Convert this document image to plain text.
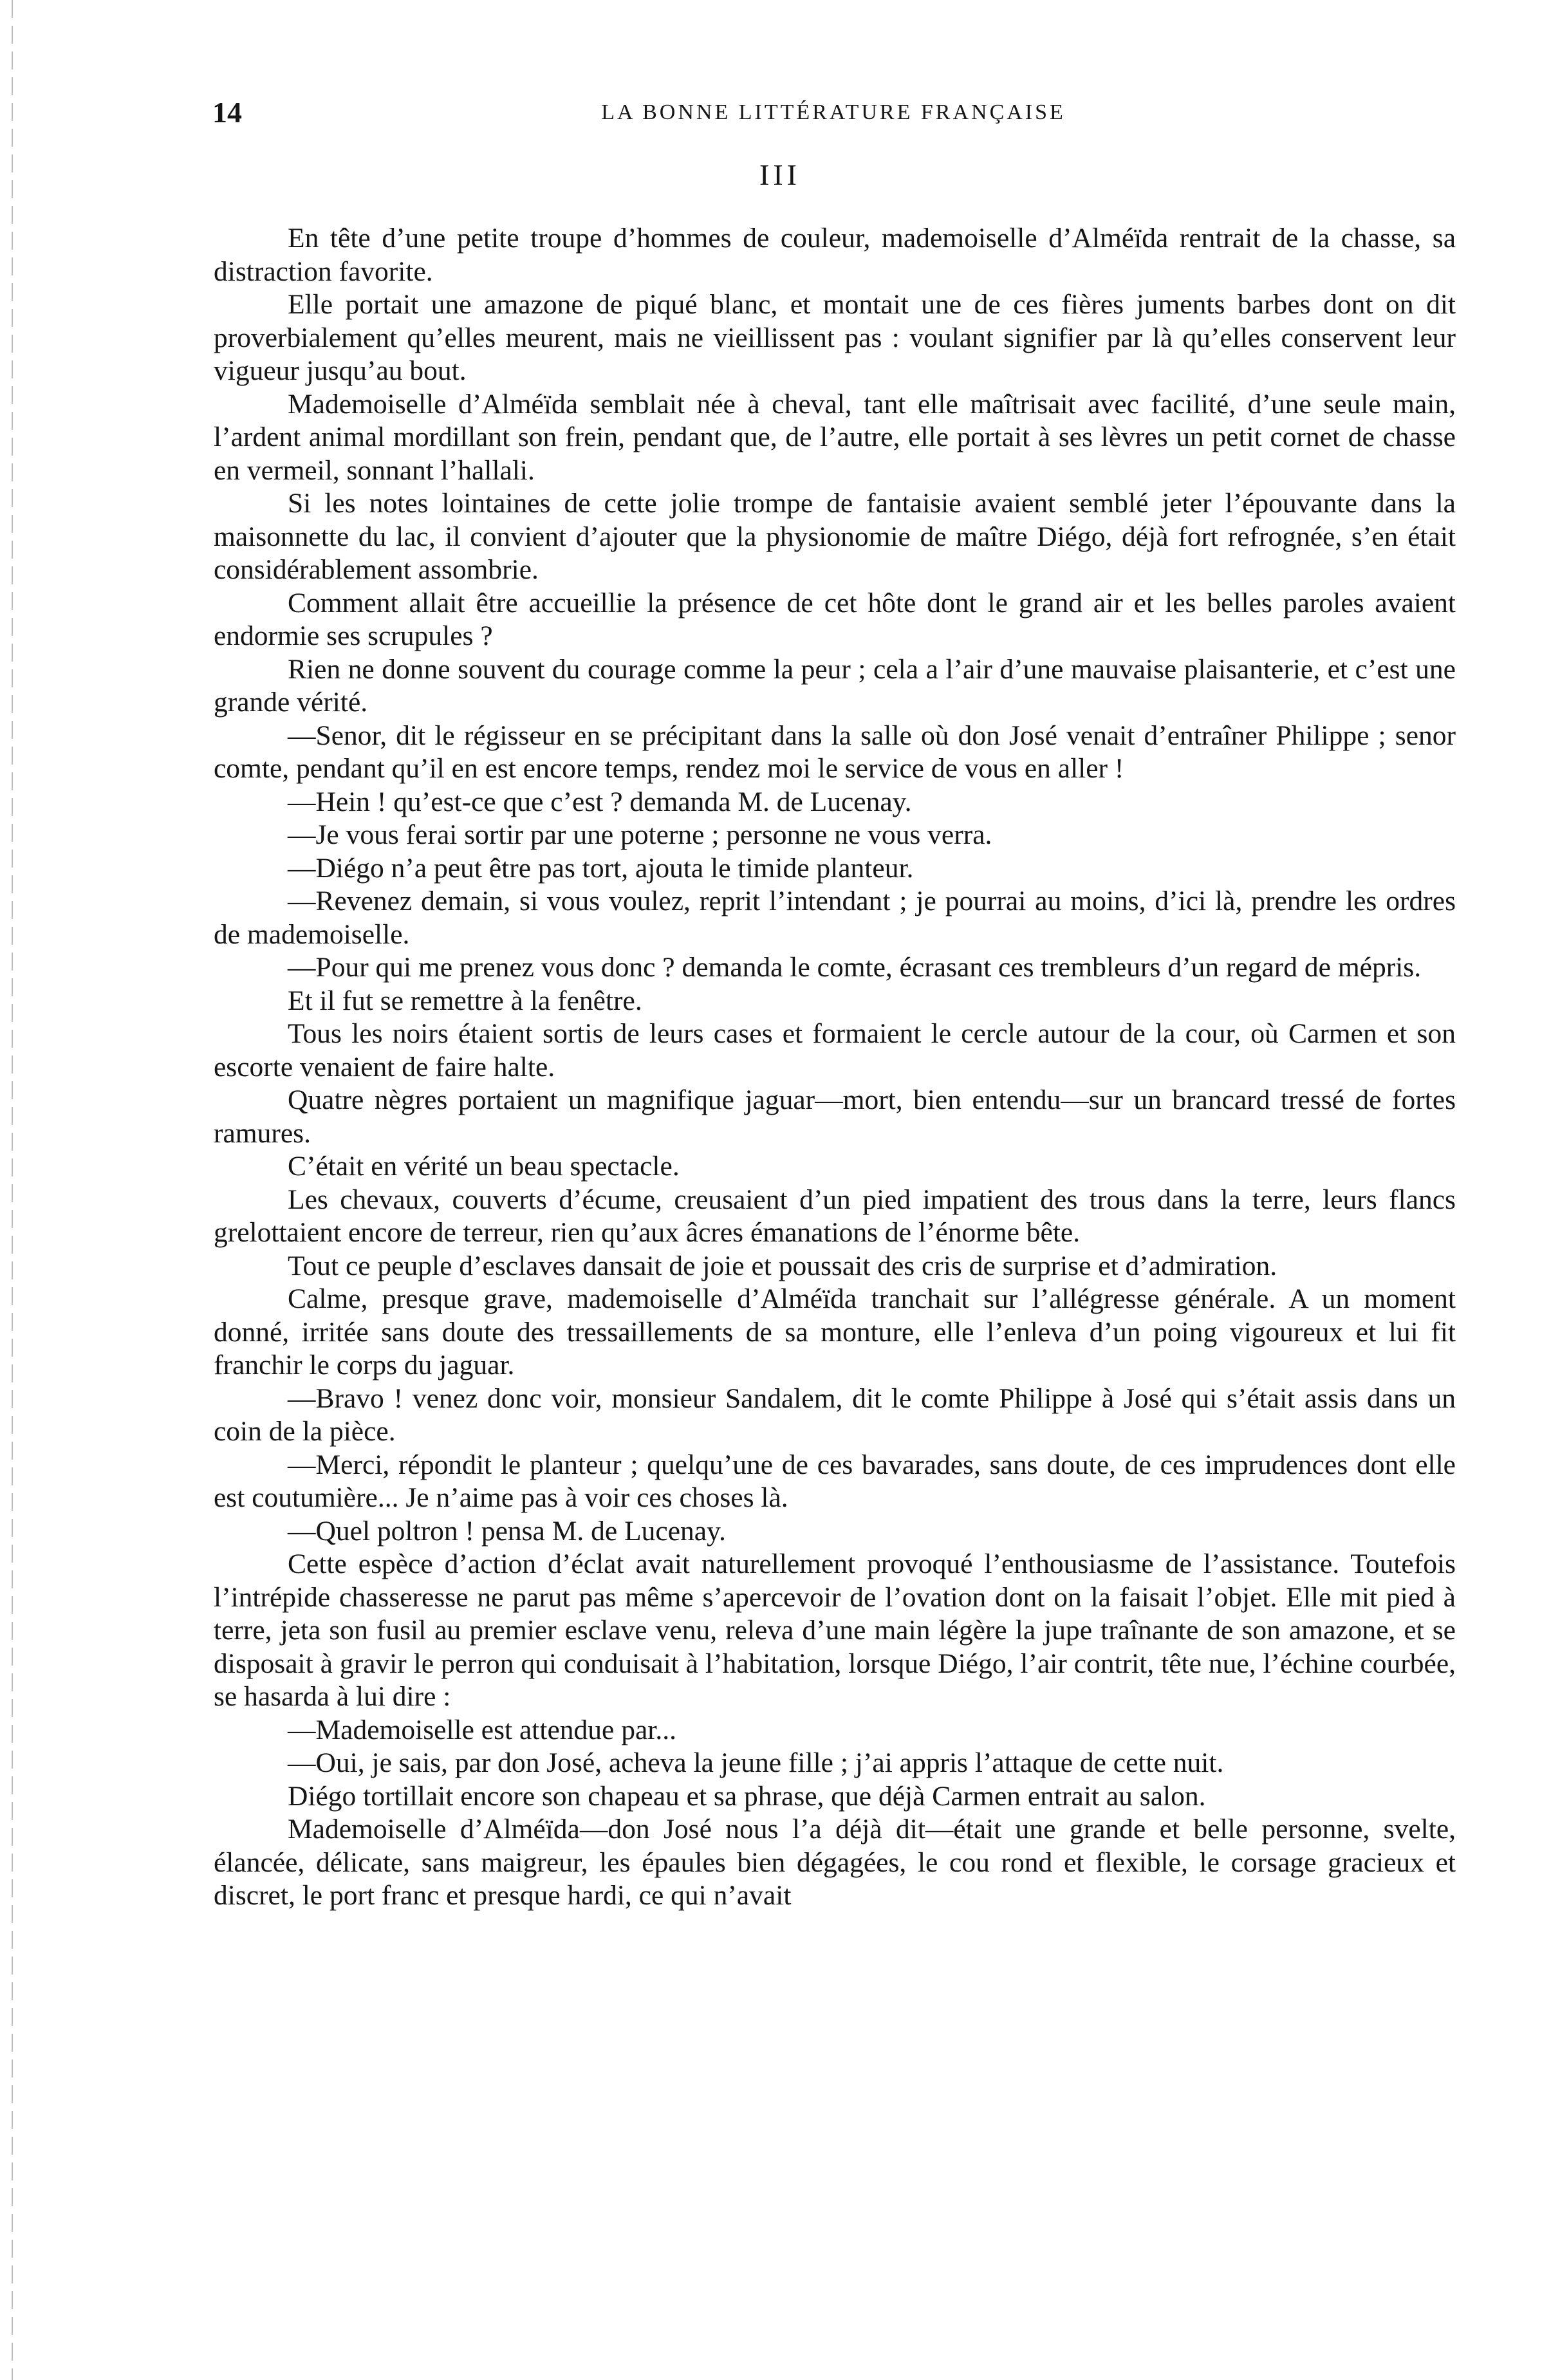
14	LA BONNE LITTÉRATURE FRANÇAISE
III

En tête d’une petite troupe d’hommes de couleur, mademoiselle d’Alméïda rentrait de la chasse, sa distraction favorite.

Elle portait une amazone de piqué blanc, et montait une de ces fières juments barbes dont on dit proverbialement qu’elles meurent, mais ne vieillissent pas : voulant signifier par là qu’elles conservent leur vigueur jusqu’au bout.

Mademoiselle d’Alméïda semblait née à cheval, tant elle maîtrisait avec facilité, d’une seule main, l’ardent animal mordillant son frein, pendant que, de l’autre, elle portait à ses lèvres un petit cornet de chasse en vermeil, sonnant l’hallali.

Si les notes lointaines de cette jolie trompe de fantaisie avaient semblé jeter l’épouvante dans la maisonnette du lac, il convient d’ajouter que la physionomie de maître Diégo, déjà fort refrognée, s’en était considérablement assombrie.

Comment allait être accueillie la présence de cet hôte dont le grand air et les belles paroles avaient endormie ses scrupules ?

Rien ne donne souvent du courage comme la peur ; cela a l’air d’une mauvaise plaisanterie, et c’est une grande vérité.

—Senor, dit le régisseur en se précipitant dans la salle où don José venait d’entraîner Philippe ; senor comte, pendant qu’il en est encore temps, rendez moi le service de vous en aller !

—Hein ! qu’est-ce que c’est ? demanda M. de Lucenay.

—Je vous ferai sortir par une poterne ; personne ne vous verra.

—Diégo n’a peut être pas tort, ajouta le timide planteur.

—Revenez demain, si vous voulez, reprit l’intendant ; je pourrai au moins, d’ici là, prendre les ordres de mademoiselle.

—Pour qui me prenez vous donc ? demanda le comte, écrasant ces trembleurs d’un regard de mépris.

Et il fut se remettre à la fenêtre.

Tous les noirs étaient sortis de leurs cases et formaient le cercle autour de la cour, où Carmen et son escorte venaient de faire halte.

Quatre nègres portaient un magnifique jaguar—mort, bien entendu—sur un brancard tressé de fortes ramures.

C’était en vérité un beau spectacle.

Les chevaux, couverts d’écume, creusaient d’un pied impatient des trous dans la terre, leurs flancs grelottaient encore de terreur, rien qu’aux âcres émanations de l’énorme bête.

Tout ce peuple d’esclaves dansait de joie et poussait des cris de surprise et d’admiration.

Calme, presque grave, mademoiselle d’Alméïda tranchait sur l’allégresse générale. A un moment donné, irritée sans doute des tressaillements de sa monture, elle l’enleva d’un poing vigoureux et lui fit franchir le corps du jaguar.

—Bravo ! venez donc voir, monsieur Sandalem, dit le comte Philippe à José qui s’était assis dans un coin de la pièce.

—Merci, répondit le planteur ; quelqu’une de ces bavarades, sans doute, de ces imprudences dont elle est coutumière... Je n’aime pas à voir ces choses là.

—Quel poltron ! pensa M. de Lucenay.

Cette espèce d’action d’éclat avait naturellement provoqué l’enthousiasme de l’assistance. Toutefois l’intrépide chasseresse ne parut pas même s’apercevoir de l’ovation dont on la faisait l’objet. Elle mit pied à terre, jeta son fusil au premier esclave venu, releva d’une main légère la jupe traînante de son amazone, et se disposait à gravir le perron qui conduisait à l’habitation, lorsque Diégo, l’air contrit, tête nue, l’échine courbée, se hasarda à lui dire :

—Mademoiselle est attendue par...

—Oui, je sais, par don José, acheva la jeune fille ; j’ai appris l’attaque de cette nuit.

Diégo tortillait encore son chapeau et sa phrase, que déjà Carmen entrait au salon.

Mademoiselle d’Alméïda—don José nous l’a déjà dit—était une grande et belle personne, svelte, élancée, délicate, sans maigreur, les épaules bien dégagées, le cou rond et flexible, le corsage gracieux et discret, le port franc et presque hardi, ce qui n’avait
